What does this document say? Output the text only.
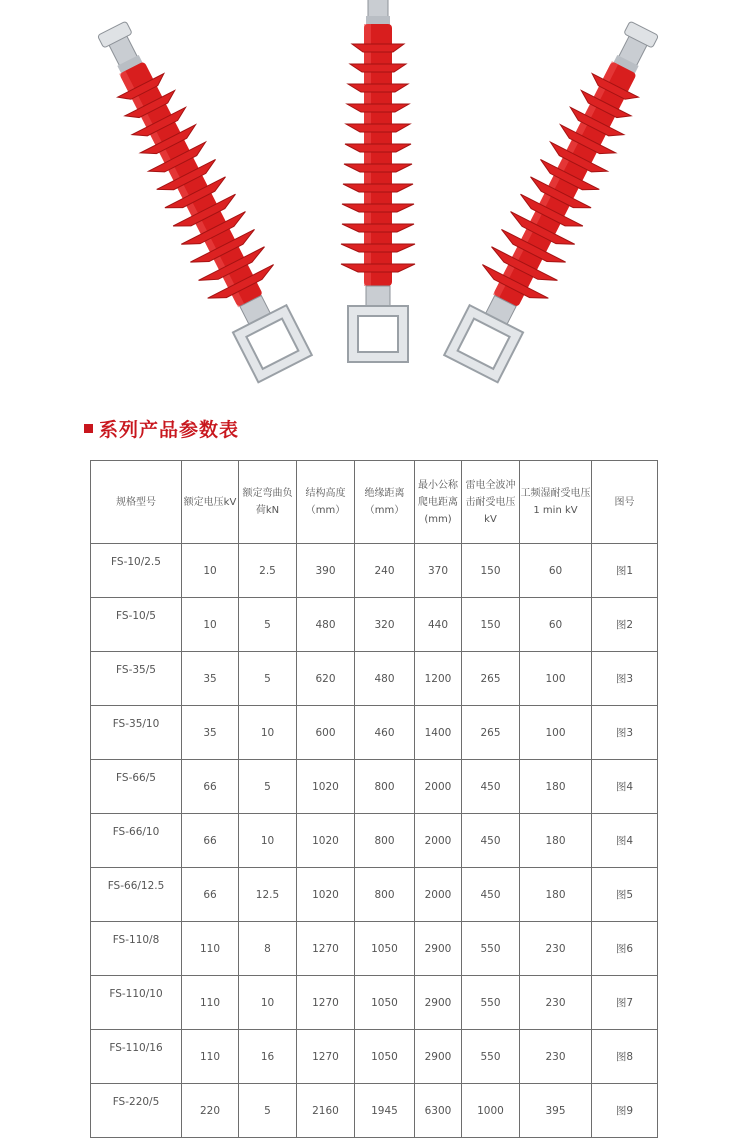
系列产品参数表
规格型号	额定电压kV	额定弯曲负荷kN	结构高度（mm）	绝缘距离（mm）	最小公称爬电距离(mm)	雷电全波冲击耐受电压kV	工频湿耐受电压1 min kV	图号
FS-10/2.5	10	2.5	390	240	370	150	60	图1
FS-10/5	10	5	480	320	440	150	60	图2
FS-35/5	35	5	620	480	1200	265	100	图3
FS-35/10	35	10	600	460	1400	265	100	图3
FS-66/5	66	5	1020	800	2000	450	180	图4
FS-66/10	66	10	1020	800	2000	450	180	图4
FS-66/12.5	66	12.5	1020	800	2000	450	180	图5
FS-110/8	110	8	1270	1050	2900	550	230	图6
FS-110/10	110	10	1270	1050	2900	550	230	图7
FS-110/16	110	16	1270	1050	2900	550	230	图8
FS-220/5	220	5	2160	1945	6300	1000	395	图9
